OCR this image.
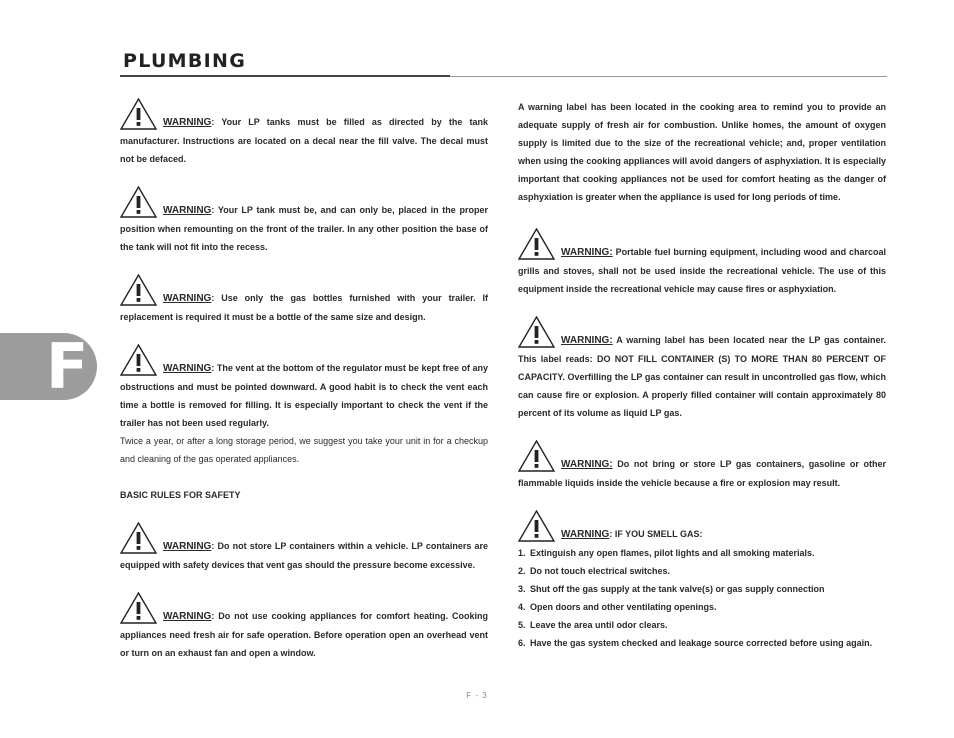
PLUMBING
F

WARNING: Your LP tanks must be filled as directed by the tank manufacturer. Instructions are located on a decal near the fill valve. The decal must not be defaced.

WARNING: Your LP tank must be, and can only be, placed in the proper position when remounting on the front of the trailer. In any other position the base of the tank will not fit into the recess.

WARNING: Use only the gas bottles furnished with your trailer. If replacement is required it must be a bottle of the same size and design.

WARNING: The vent at the bottom of the regulator must be kept free of any obstructions and must be pointed downward. A good habit is to check the vent each time a bottle is removed for filling. It is especially important to check the vent if the trailer has not been used regularly.

Twice a year, or after a long storage period, we suggest you take your unit in for a checkup and cleaning of the gas operated appliances.

BASIC RULES FOR SAFETY

WARNING: Do not store LP containers within a vehicle. LP containers are equipped with safety devices that vent gas should the pressure become excessive.

WARNING: Do not use cooking appliances for comfort heating. Cooking appliances need fresh air for safe operation. Before operation open an overhead vent or turn on an exhaust fan and open a window.

A warning label has been located in the cooking area to remind you to provide an adequate supply of fresh air for combustion. Unlike homes, the amount of oxygen supply is limited due to the size of the recreational vehicle; and, proper ventilation when using the cooking appliances will avoid dangers of asphyxiation. It is especially important that cooking appliances not be used for comfort heating as the danger of asphyxiation is greater when the appliance is used for long periods of time.

WARNING: Portable fuel burning equipment, including wood and charcoal grills and stoves, shall not be used inside the recreational vehicle. The use of this equipment inside the recreational vehicle may cause fires or asphyxiation.

WARNING: A warning label has been located near the LP gas container. This label reads: DO NOT FILL CONTAINER (S) TO MORE THAN 80 PERCENT OF CAPACITY. Overfilling the LP gas container can result in uncontrolled gas flow, which can cause fire or explosion. A properly filled container will contain approximately 80 percent of its volume as liquid LP gas.

WARNING: Do not bring or store LP gas containers, gasoline or other flammable liquids inside the vehicle because a fire or explosion may result.

WARNING: IF YOU SMELL GAS:

1. Extinguish any open flames, pilot lights and all smoking materials.
2. Do not touch electrical switches.
3. Shut off the gas supply at the tank valve(s) or gas supply connection
4. Open doors and other ventilating openings.
5. Leave the area until odor clears.
6. Have the gas system checked and leakage source corrected before using again.
F - 3
